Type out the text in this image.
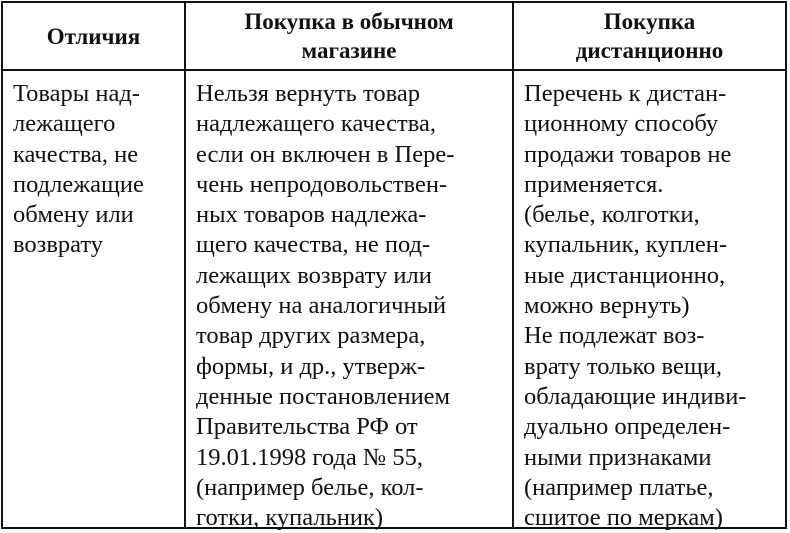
Отличия
Покупка в обычном
магазине
Покупка
дистанционно
Товары над-
лежащего
качества, не
подлежащие
обмену или
возврату
Нельзя вернуть товар
надлежащего качества,
если он включен в Пере-
чень непродовольствен-
ных товаров надлежа-
щего качества, не под-
лежащих возврату или
обмену на аналогичный
товар других размера,
формы, и др., утверж-
денные постановлением
Правительства РФ от
19.01.1998 года № 55,
(например белье, кол-
готки, купальник)
Перечень к дистан-
ционному способу
продажи товаров не
применяется.
(белье, колготки,
купальник, куплен-
ные дистанционно,
можно вернуть)
Не подлежат воз-
врату только вещи,
обладающие индиви-
дуально определен-
ными признаками
(например платье,
сшитое по меркам)
